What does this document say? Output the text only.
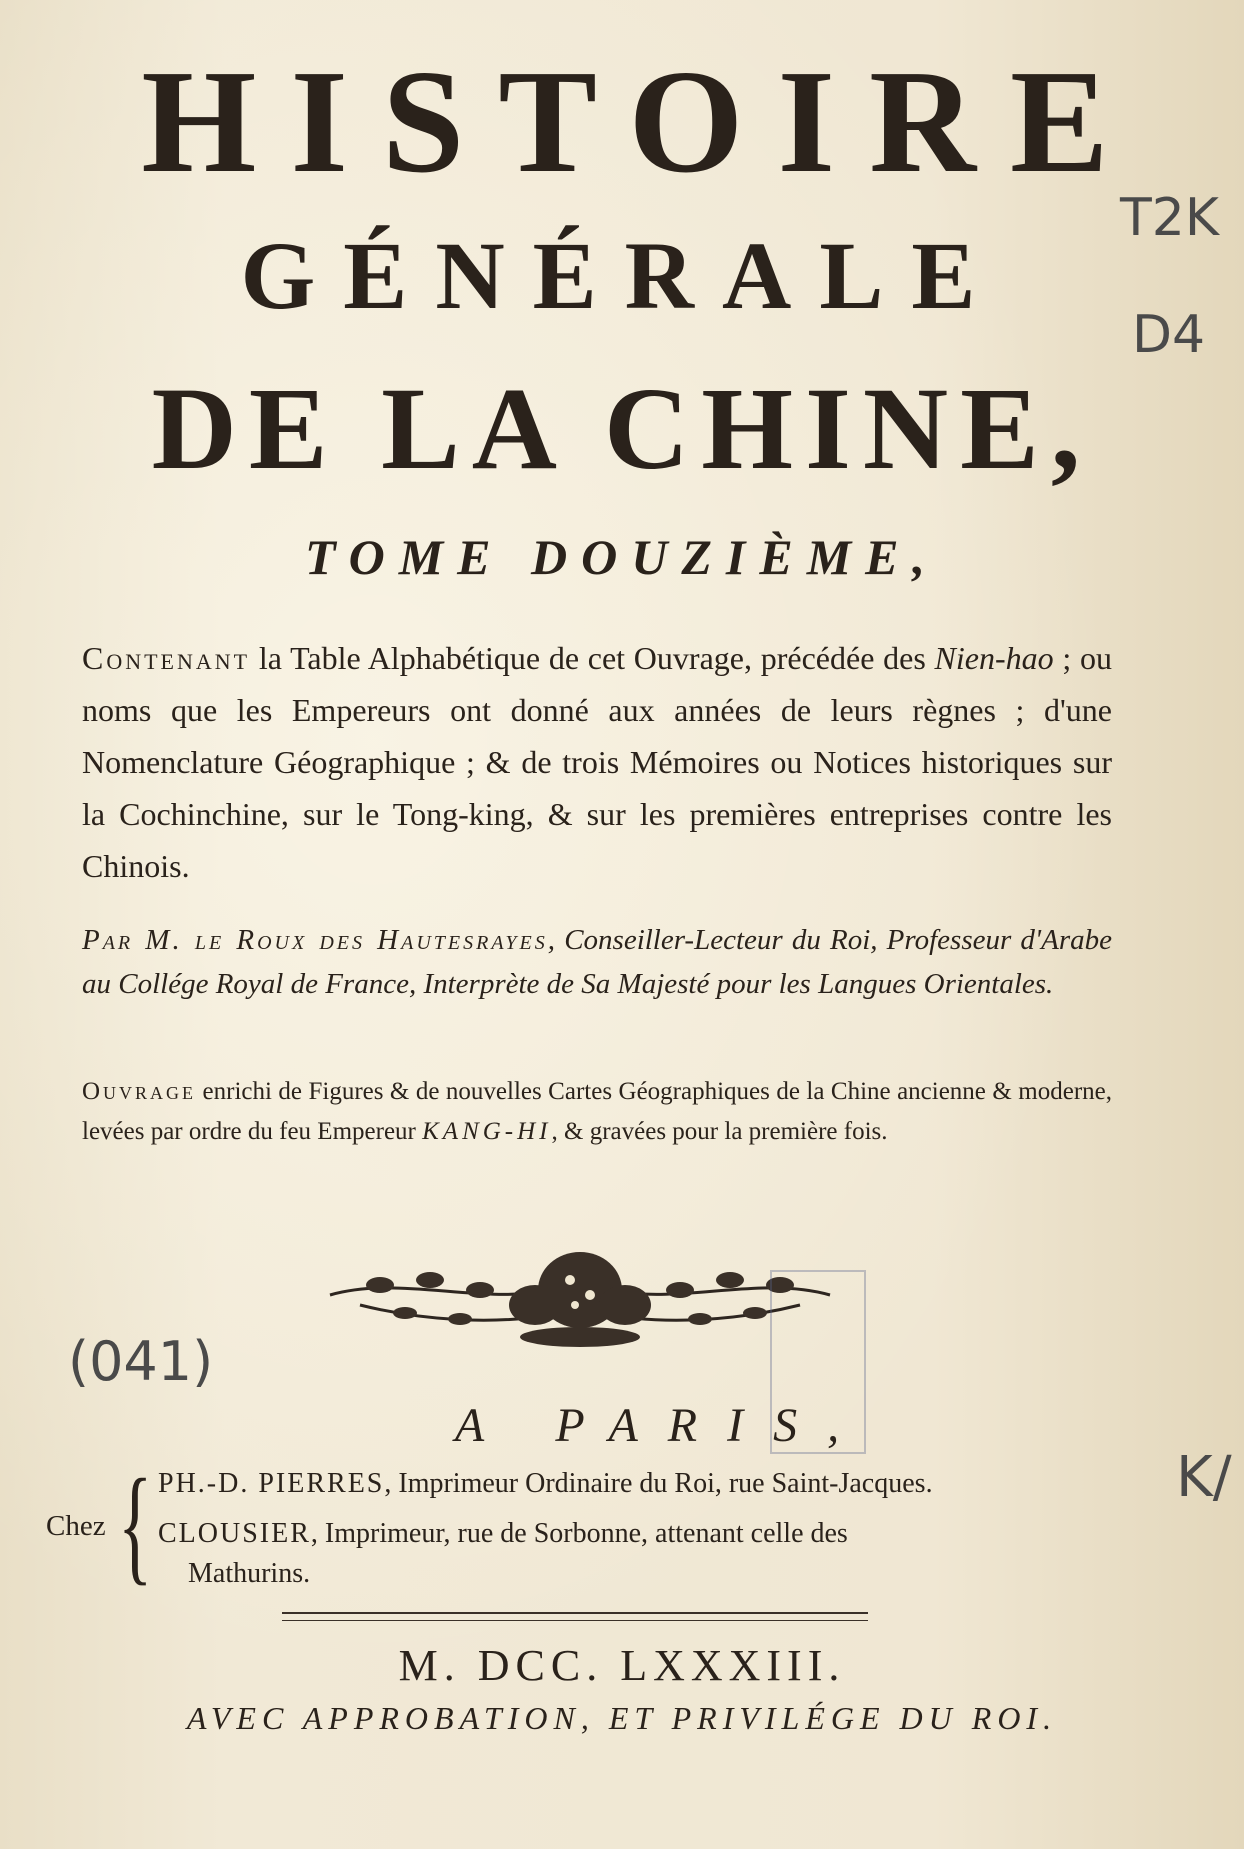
HISTOIRE
GÉNÉRALE
DE LA CHINE,
TOME DOUZIÈME,

Contenant la Table Alphabétique de cet Ouvrage, précédée des Nien-hao ; ou noms que les Empereurs ont donné aux années de leurs règnes ; d'une Nomenclature Géographique ; & de trois Mémoires ou Notices historiques sur la Cochinchine, sur le Tong-king, & sur les premières entreprises contre les Chinois.

Par M. le Roux des Hautesrayes, Conseiller-Lecteur du Roi, Professeur d'Arabe au Collége Royal de France, Interprète de Sa Majesté pour les Langues Orientales.

Ouvrage enrichi de Figures & de nouvelles Cartes Géographiques de la Chine ancienne & moderne, levées par ordre du feu Empereur KANG-HI, & gravées pour la première fois.

A PARIS,
Chez { PH.-D. PIERRES, Imprimeur Ordinaire du Roi, rue Saint-Jacques.
CLOUSIER, Imprimeur, rue de Sorbonne, attenant celle des
Mathurins.
M. DCC. LXXXIII.
AVEC APPROBATION, ET PRIVILÉGE DU ROI.
T2K
D4
(041)
K/
